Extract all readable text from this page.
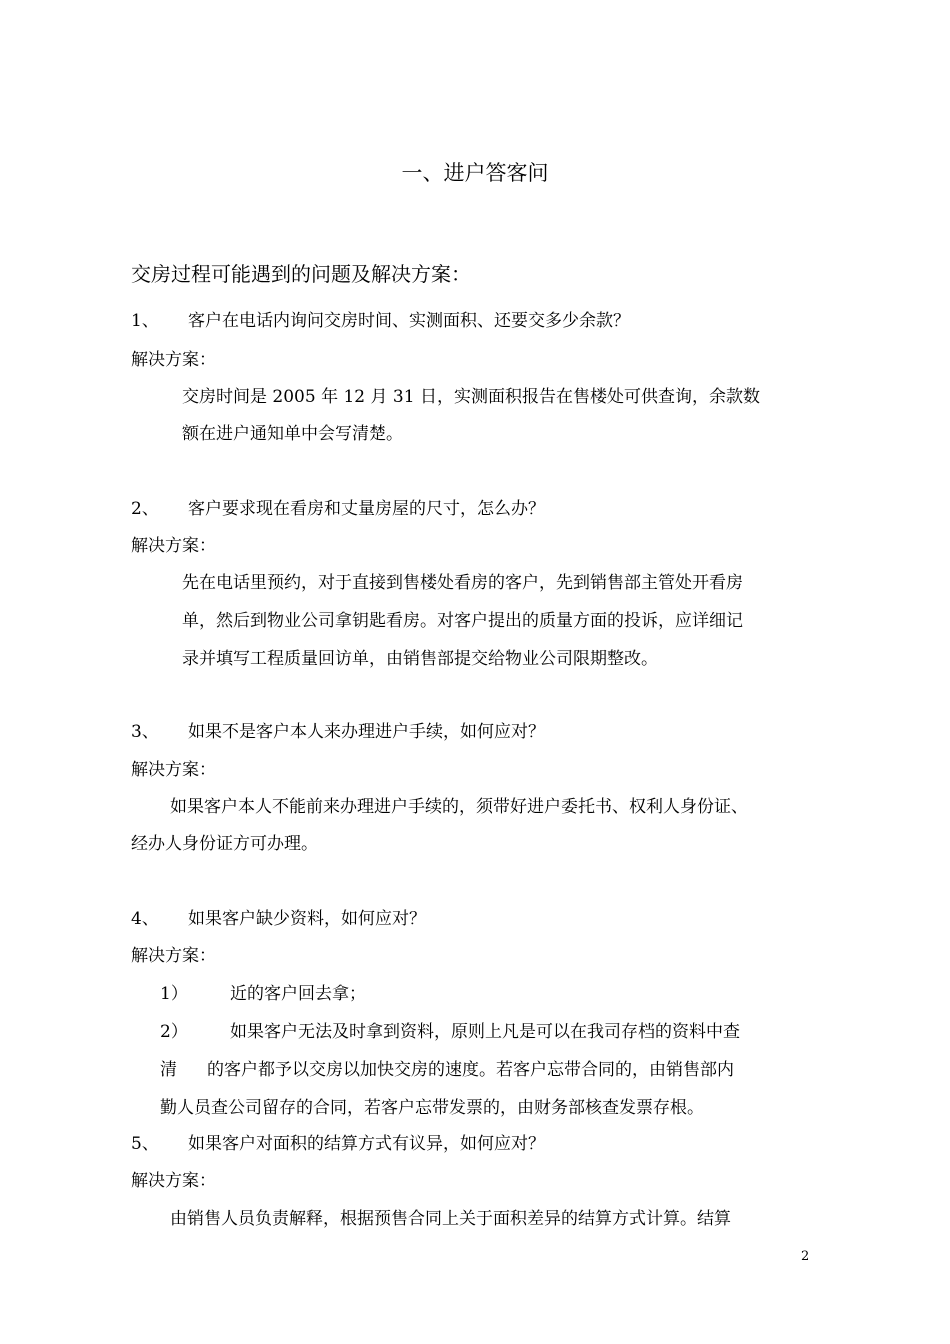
一、进户答客问
交房过程可能遇到的问题及解决方案：
1、 客户在电话内询问交房时间、实测面积、还要交多少余款？
解决方案：
交房时间是 2005 年 12 月 31 日，实测面积报告在售楼处可供查询，余款数
额在进户通知单中会写清楚。
2、 客户要求现在看房和丈量房屋的尺寸，怎么办？
解决方案：
先在电话里预约，对于直接到售楼处看房的客户，先到销售部主管处开看房
单，然后到物业公司拿钥匙看房。对客户提出的质量方面的投诉，应详细记
录并填写工程质量回访单，由销售部提交给物业公司限期整改。
3、 如果不是客户本人来办理进户手续，如何应对？
解决方案：
如果客户本人不能前来办理进户手续的，须带好进户委托书、权利人身份证、
经办人身份证方可办理。
4、 如果客户缺少资料，如何应对？
解决方案：
1） 近的客户回去拿；
2） 如果客户无法及时拿到资料，原则上凡是可以在我司存档的资料中查
清 的客户都予以交房以加快交房的速度。若客户忘带合同的，由销售部内
勤人员查公司留存的合同，若客户忘带发票的，由财务部核查发票存根。
5、 如果客户对面积的结算方式有议异，如何应对？
解决方案：
由销售人员负责解释，根据预售合同上关于面积差异的结算方式计算。结算
2
